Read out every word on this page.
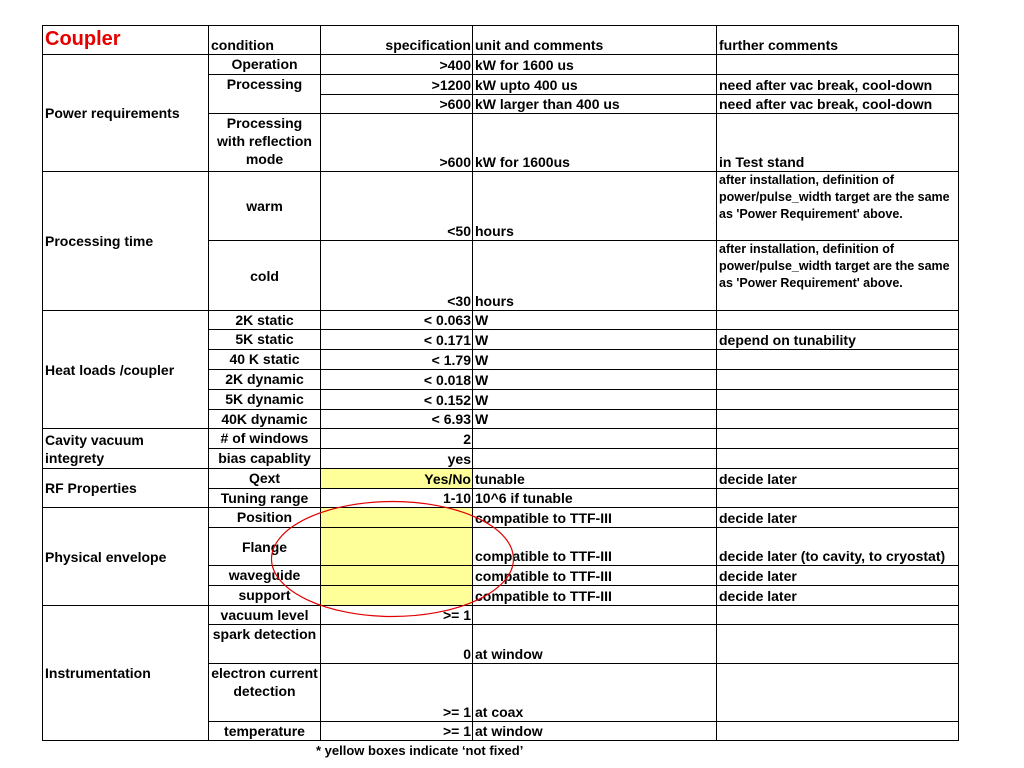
Coupler	condition	specification	unit and comments	further comments
Power requirements	Operation	>400	kW for 1600 us	
	Processing	>1200	kW upto 400 us	need after vac break, cool-down
		>600	kW larger than 400 us	need after vac break, cool-down
	Processing with reflection mode	>600	kW for 1600us	in Test stand
Processing time	warm	<50	hours	after installation, definition of power/pulse_width target are the same as 'Power Requirement' above.
	cold	<30	hours	after installation, definition of power/pulse_width target are the same as 'Power Requirement' above.
Heat loads /coupler	2K static	< 0.063	W	
	5K static	< 0.171	W	depend on tunability
	40 K static	< 1.79	W	
	2K dynamic	< 0.018	W	
	5K dynamic	< 0.152	W	
	40K dynamic	< 6.93	W	
Cavity vacuum integrety	# of windows	2		
	bias capablity	yes		
RF Properties	Qext	Yes/No	tunable	decide later
	Tuning range	1-10	10^6 if tunable	
Physical envelope	Position		compatible to TTF-III	decide later
	Flange		compatible to TTF-III	decide later (to cavity, to cryostat)
	waveguide		compatible to TTF-III	decide later
	support		compatible to TTF-III	decide later
Instrumentation	vacuum level	>= 1		
	spark detection	0	at window	
	electron current detection	>= 1	at coax	
	temperature	>= 1	at window	
* yellow boxes indicate ‘not fixed’
